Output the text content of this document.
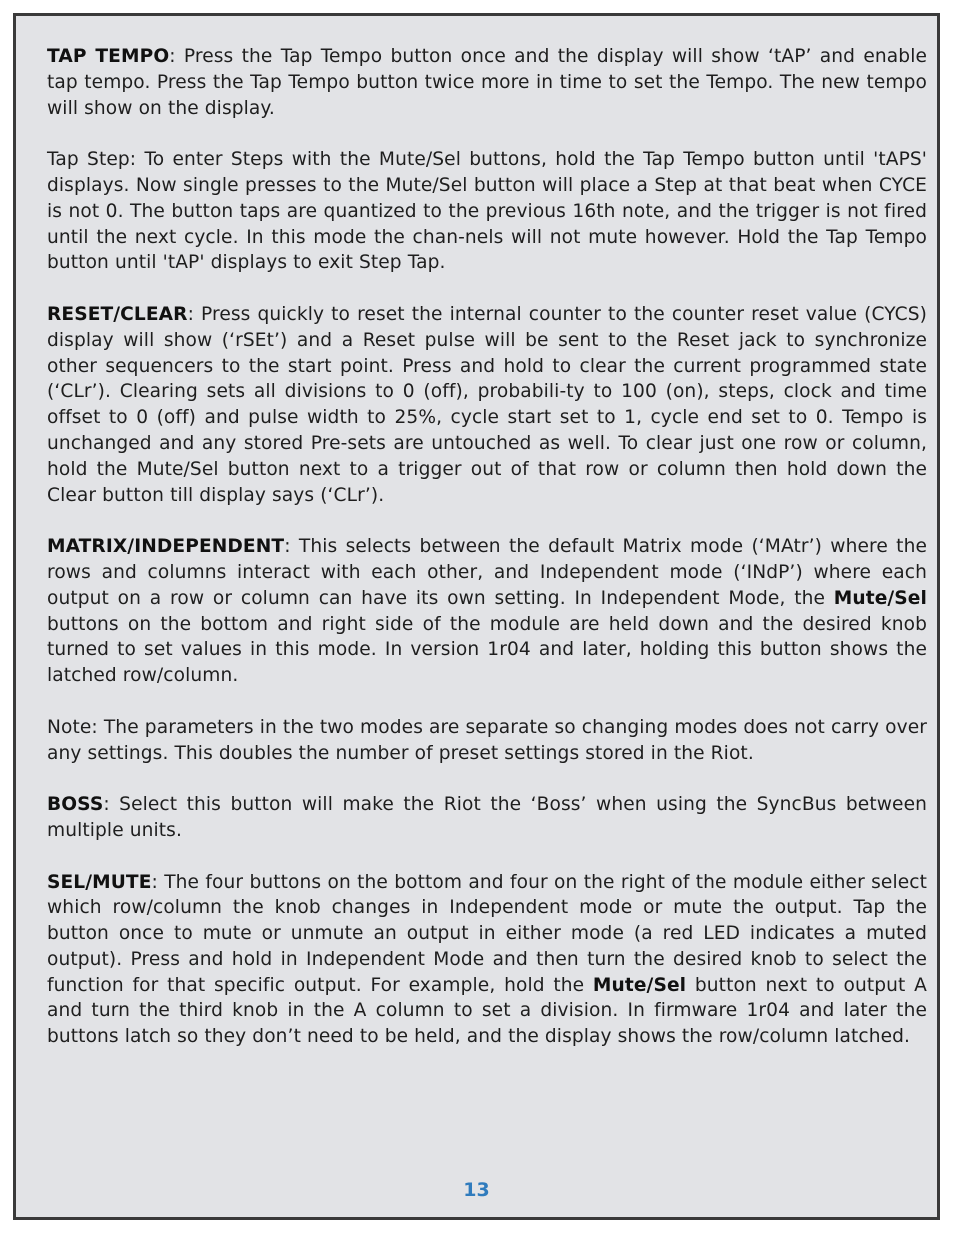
TAP TEMPO: Press the Tap Tempo button once and the display will show ‘tAP’ and enable tap tempo. Press the Tap Tempo button twice more in time to set the Tempo. The new tempo will show on the display.

Tap Step: To enter Steps with the Mute/Sel buttons, hold the Tap Tempo button until 'tAPS' displays. Now single presses to the Mute/Sel button will place a Step at that beat when CYCE is not 0. The button taps are quantized to the previous 16th note, and the trigger is not fired until the next cycle. In this mode the chan-nels will not mute however. Hold the Tap Tempo button until 'tAP' displays to exit Step Tap.

RESET/CLEAR: Press quickly to reset the internal counter to the counter reset value (CYCS) display will show (‘rSEt’) and a Reset pulse will be sent to the Reset jack to synchronize other sequencers to the start point. Press and hold to clear the current programmed state (‘CLr’). Clearing sets all divisions to 0 (off), probabili-ty to 100 (on), steps, clock and time offset to 0 (off) and pulse width to 25%, cycle start set to 1, cycle end set to 0. Tempo is unchanged and any stored Pre-sets are untouched as well. To clear just one row or column, hold the Mute/Sel button next to a trigger out of that row or column then hold down the Clear button till display says (‘CLr’).

MATRIX/INDEPENDENT: This selects between the default Matrix mode (‘MAtr’) where the rows and columns interact with each other, and Independent mode (‘INdP’) where each output on a row or column can have its own setting. In Independent Mode, the Mute/Sel buttons on the bottom and right side of the module are held down and the desired knob turned to set values in this mode. In version 1r04 and later, holding this button shows the latched row/column.

Note: The parameters in the two modes are separate so changing modes does not carry over any settings. This doubles the number of preset settings stored in the Riot.

BOSS: Select this button will make the Riot the ‘Boss’ when using the SyncBus between multiple units.

SEL/MUTE: The four buttons on the bottom and four on the right of the module either select which row/column the knob changes in Independent mode or mute the output. Tap the button once to mute or unmute an output in either mode (a red LED indicates a muted output). Press and hold in Independent Mode and then turn the desired knob to select the function for that specific output. For example, hold the Mute/Sel button next to output A and turn the third knob in the A column to set a division. In firmware 1r04 and later the buttons latch so they don’t need to be held, and the display shows the row/column latched.

13
